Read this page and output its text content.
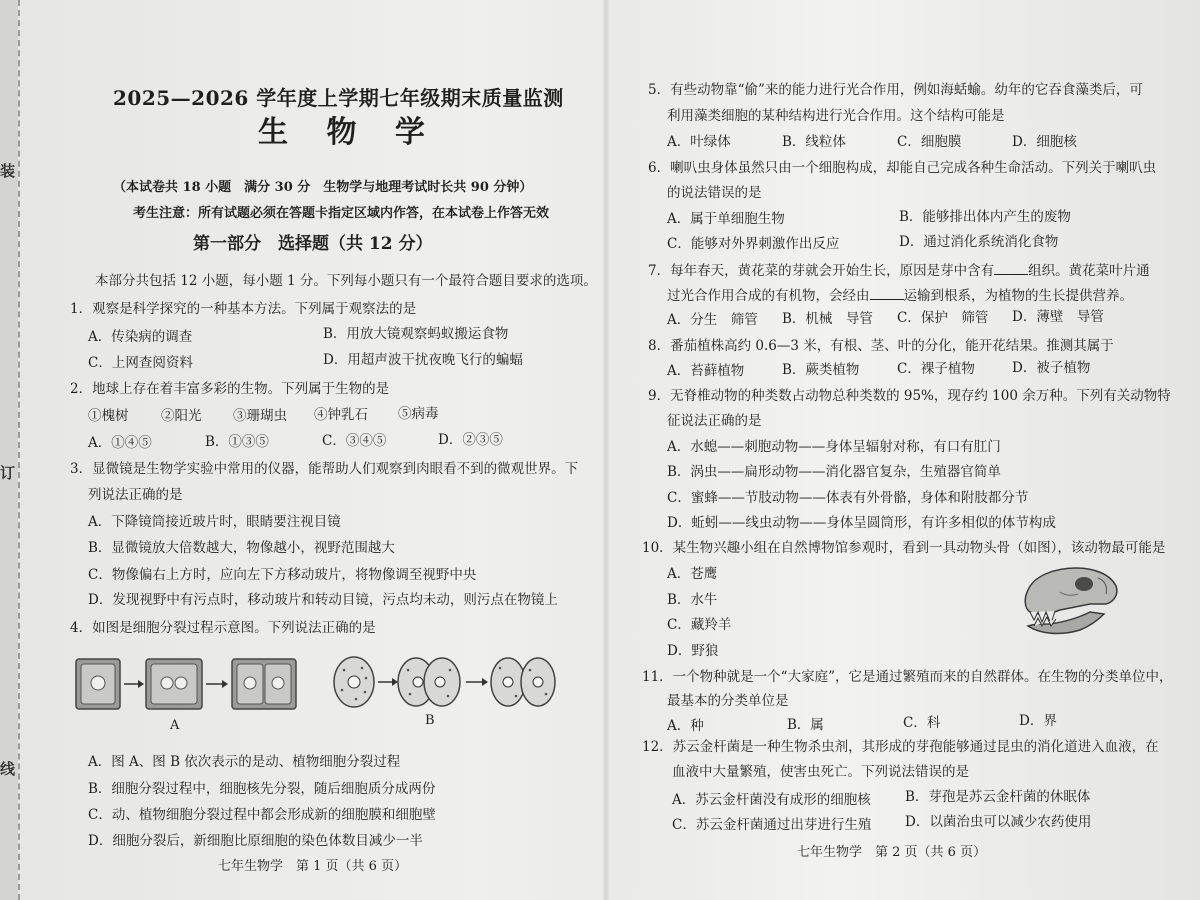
装
订
线
2025—2026 学年度上学期七年级期末质量监测
生 物 学
（本试卷共 18 小题　满分 30 分　生物学与地理考试时长共 90 分钟）
考生注意：所有试题必须在答题卡指定区域内作答，在本试卷上作答无效
第一部分　选择题（共 12 分）
本部分共包括 12 小题，每小题 1 分。下列每小题只有一个最符合题目要求的选项。
1．观察是科学探究的一种基本方法。下列属于观察法的是
A．传染病的调查	B．用放大镜观察蚂蚁搬运食物
C．上网查阅资料	D．用超声波干扰夜晚飞行的蝙蝠
2．地球上存在着丰富多彩的生物。下列属于生物的是
①槐树 ②阳光 ③珊瑚虫 ④钟乳石 ⑤病毒
A．①④⑤	B．①③⑤	C．③④⑤	D．②③⑤
3．显微镜是生物学实验中常用的仪器，能帮助人们观察到肉眼看不到的微观世界。下
列说法正确的是
A．下降镜筒接近玻片时，眼睛要注视目镜
B．显微镜放大倍数越大，物像越小，视野范围越大
C．物像偏右上方时，应向左下方移动玻片，将物像调至视野中央
D．发现视野中有污点时，移动玻片和转动目镜，污点均未动，则污点在物镜上
4．如图是细胞分裂过程示意图。下列说法正确的是
A	B
A．图 A、图 B 依次表示的是动、植物细胞分裂过程
B．细胞分裂过程中，细胞核先分裂，随后细胞质分成两份
C．动、植物细胞分裂过程中都会形成新的细胞膜和细胞壁
D．细胞分裂后，新细胞比原细胞的染色体数目减少一半
七年生物学　第 1 页（共 6 页）
5．有些动物靠“偷”来的能力进行光合作用，例如海蛞蝓。幼年的它吞食藻类后，可
利用藻类细胞的某种结构进行光合作用。这个结构可能是
A．叶绿体	B．线粒体	C．细胞膜	D．细胞核
6．喇叭虫身体虽然只由一个细胞构成，却能自己完成各种生命活动。下列关于喇叭虫
的说法错误的是
A．属于单细胞生物	B．能够排出体内产生的废物
C．能够对外界刺激作出反应	D．通过消化系统消化食物
7．每年春天，黄花菜的芽就会开始生长，原因是芽中含有	组织。黄花菜叶片通
过光合作用合成的有机物，会经由	运输到根系，为植物的生长提供营养。
A．分生　筛管 B．机械　导管 C．保护　筛管 D．薄壁　导管
8．番茄植株高约 0.6—3 米，有根、茎、叶的分化，能开花结果。推测其属于
A．苔藓植物	B．蕨类植物	C．裸子植物	D．被子植物
9．无脊椎动物的种类数占动物总种类数的 95%，现存约 100 余万种。下列有关动物特
征说法正确的是
A．水螅——刺胞动物——身体呈辐射对称，有口有肛门
B．涡虫——扁形动物——消化器官复杂，生殖器官简单
C．蜜蜂——节肢动物——体表有外骨骼，身体和附肢都分节
D．蚯蚓——线虫动物——身体呈圆筒形，有许多相似的体节构成
10．某生物兴趣小组在自然博物馆参观时，看到一具动物头骨（如图），该动物最可能是
A．苍鹰
B．水牛
C．藏羚羊
D．野狼
11．一个物种就是一个“大家庭”，它是通过繁殖而来的自然群体。在生物的分类单位中，
最基本的分类单位是
A．种	B．属	C．科	D．界
12．苏云金杆菌是一种生物杀虫剂，其形成的芽孢能够通过昆虫的消化道进入血液，在
血液中大量繁殖，使害虫死亡。下列说法错误的是
A．苏云金杆菌没有成形的细胞核	B．芽孢是苏云金杆菌的休眠体
C．苏云金杆菌通过出芽进行生殖 D．以菌治虫可以减少农药使用
七年生物学　第 2 页（共 6 页）
